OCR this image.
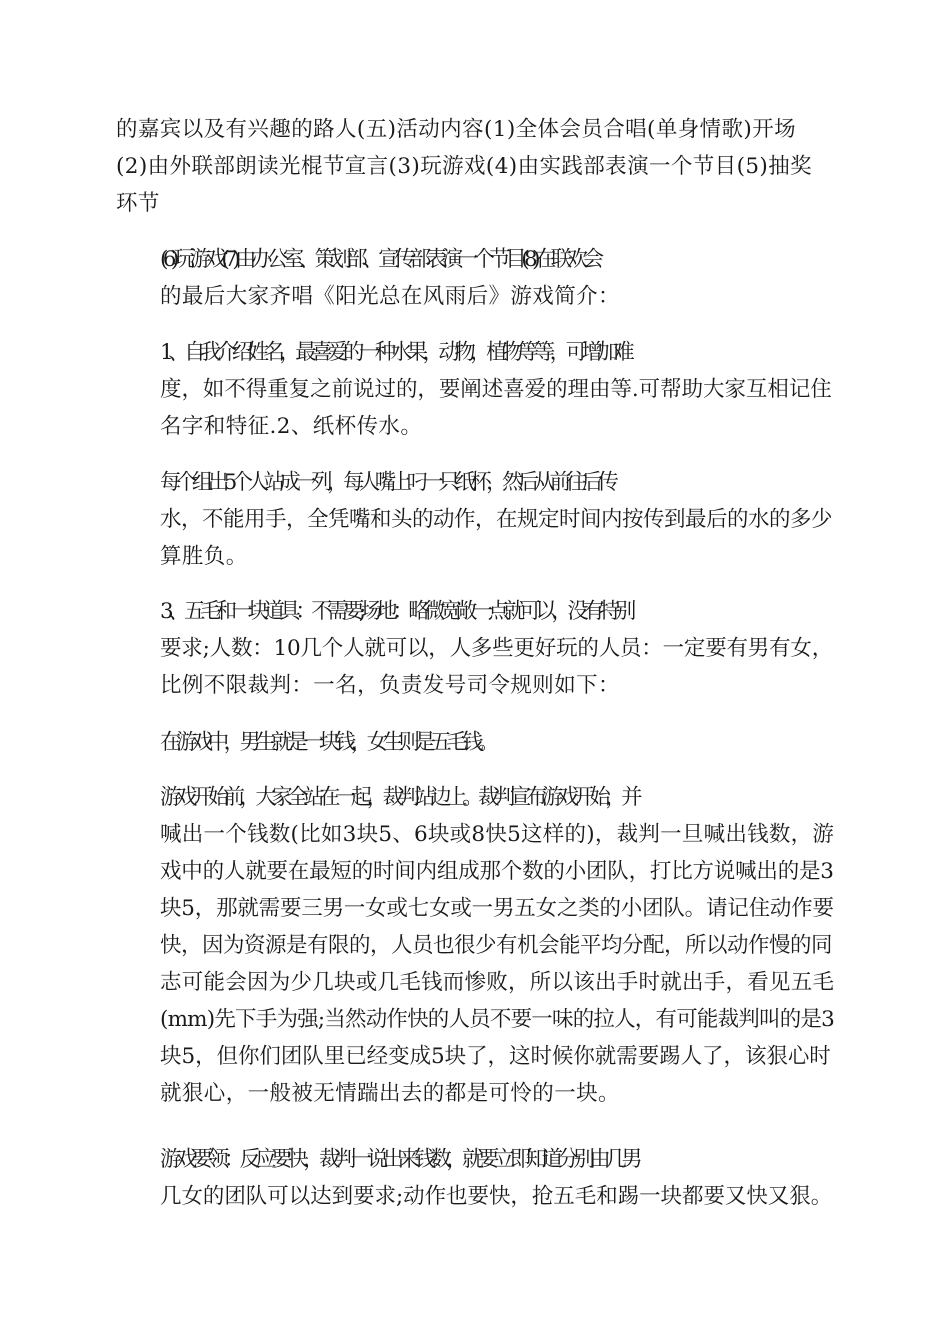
的嘉宾以及有兴趣的路人(五)活动内容(1)全体会员合唱(单身情歌)开场
(2)由外联部朗读光棍节宣言(3)玩游戏(4)由实践部表演一个节目(5)抽奖
环节

(6)玩游戏(7)由办公室、策划部、宣传部表演一个节目(8)在联欢会
的最后大家齐唱《阳光总在风雨后》游戏简介：

1、自我介绍姓名，最喜爱的一种水果，动物，植物等等，可增加难
度，如不得重复之前说过的，要阐述喜爱的理由等.可帮助大家互相记住
名字和特征.2、纸杯传水。

每个组出5个人站成一列，每人嘴上叼一只纸杯，然后从前往后传
水，不能用手，全凭嘴和头的动作，在规定时间内按传到最后的水的多少
算胜负。

3、五毛和一块道具：不需要;场地：略微宽敞一点就可以，没有特别
要求;人数：10几个人就可以，人多些更好玩的人员：一定要有男有女，
比例不限裁判：一名，负责发号司令规则如下：

在游戏中，男生就是一块钱，女生则是五毛钱。

游戏开始前，大家全站在一起，裁判站边上。裁判宣布游戏开始，并
喊出一个钱数(比如3块5、6块或8快5这样的)，裁判一旦喊出钱数，游
戏中的人就要在最短的时间内组成那个数的小团队，打比方说喊出的是3
块5，那就需要三男一女或七女或一男五女之类的小团队。请记住动作要
快，因为资源是有限的，人员也很少有机会能平均分配，所以动作慢的同
志可能会因为少几块或几毛钱而惨败，所以该出手时就出手，看见五毛
(mm)先下手为强;当然动作快的人员不要一味的拉人，有可能裁判叫的是3
块5，但你们团队里已经变成5块了，这时候你就需要踢人了，该狠心时
就狠心，一般被无情踹出去的都是可怜的一块。

游戏要领：反应要快，裁判一说出来钱数，就要立即知道分别由几男
几女的团队可以达到要求;动作也要快，抢五毛和踢一块都要又快又狠。
